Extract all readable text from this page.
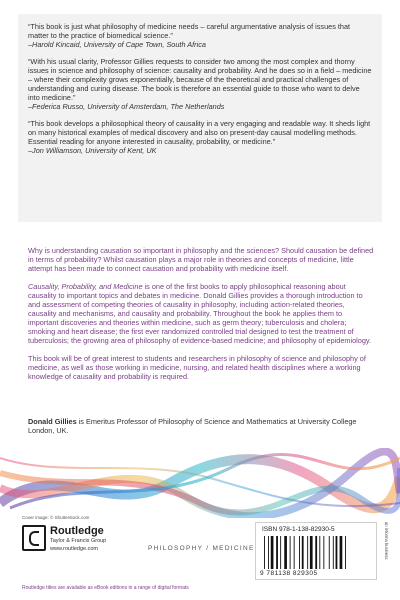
“This book is just what philosophy of medicine needs – careful argumentative analysis of issues that matter to the practice of biomedical science.”
–Harold Kincaid, University of Cape Town, South Africa
“With his usual clarity, Professor Gillies requests to consider two among the most complex and thorny issues in science and philosophy of science: causality and probability. And he does so in a field – medicine – where their complexity grows exponentially, because of the theoretical and practical challenges of understanding and curing disease. The book is therefore an essential guide to those who want to delve into medicine.”
–Federica Russo, University of Amsterdam, The Netherlands
“This book develops a philosophical theory of causality in a very engaging and readable way. It sheds light on many historical examples of medical discovery and also on present-day causal modelling methods. Essential reading for anyone interested in causality, probability, or medicine.”
–Jon Williamson, University of Kent, UK

Why is understanding causation so important in philosophy and the sciences? Should causation be defined in terms of probability? Whilst causation plays a major role in theories and concepts of medicine, little attempt has been made to connect causation and probability with medicine itself.

Causality, Probability, and Medicine is one of the first books to apply philosophical reasoning about causality to important topics and debates in medicine. Donald Gillies provides a thorough introduction to and assessment of competing theories of causality in philosophy, including action-related theories, causality and mechanisms, and causality and probability. Throughout the book he applies them to important discoveries and theories within medicine, such as germ theory; tuberculosis and cholera; smoking and heart disease; the first ever randomized controlled trial designed to test the treatment of tuberculosis; the growing area of philosophy of evidence-based medicine; and philosophy of epidemiology.

This book will be of great interest to students and researchers in philosophy of science and philosophy of medicine, as well as those working in medicine, nursing, and related health disciplines where a working knowledge of causality and probability is required.

Donald Gillies is Emeritus Professor of Philosophy of Science and Mathematics at University College London, UK.
Cover image: © Shutterstock.com
Routledge
Taylor & Francis Group
www.routledge.com	PHILOSOPHY / MEDICINE
ISBN 978-1-138-82930-5
9 781138 829305
an informa business
Routledge titles are available as eBook editions in a range of digital formats
